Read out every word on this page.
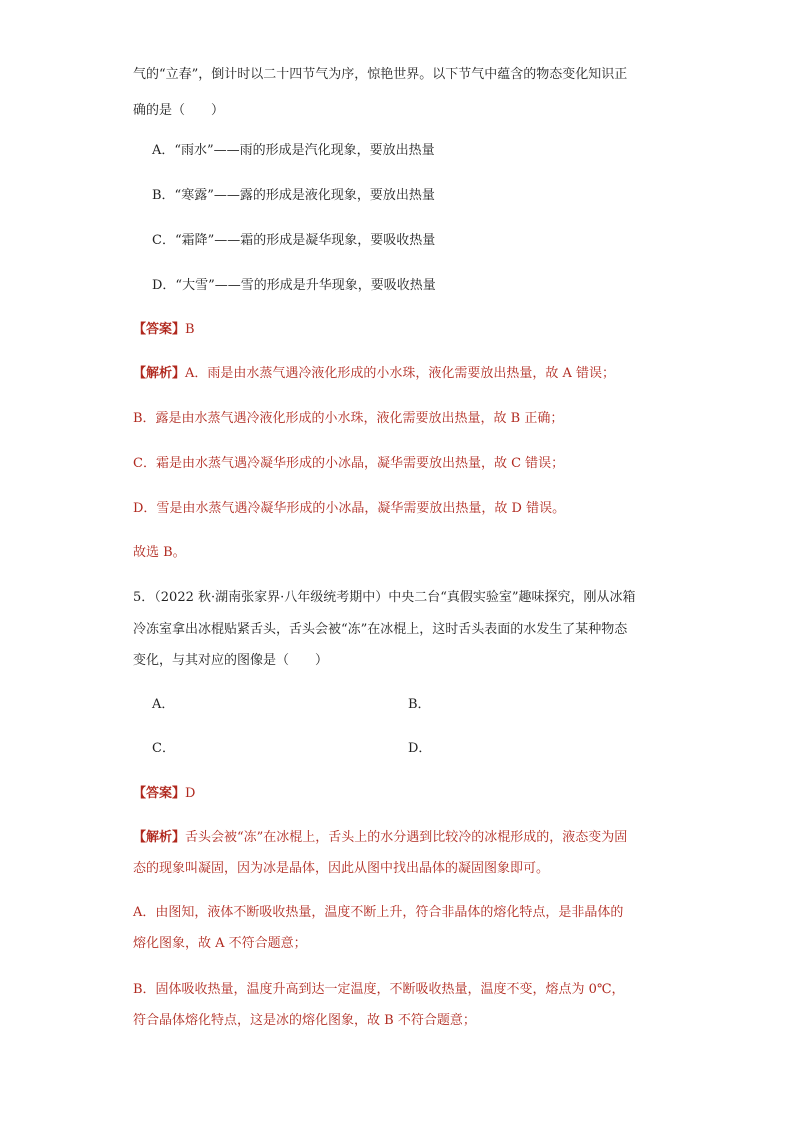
气的“立春”，倒计时以二十四节气为序，惊艳世界。以下节气中蕴含的物态变化知识正
确的是（　　）
A．“雨水”——雨的形成是汽化现象，要放出热量
B．“寒露”——露的形成是液化现象，要放出热量
C．“霜降”——霜的形成是凝华现象，要吸收热量
D．“大雪”——雪的形成是升华现象，要吸收热量
【答案】B
【解析】A．雨是由水蒸气遇冷液化形成的小水珠，液化需要放出热量，故 A 错误；
B．露是由水蒸气遇冷液化形成的小水珠，液化需要放出热量，故 B 正确；
C．霜是由水蒸气遇冷凝华形成的小冰晶，凝华需要放出热量，故 C 错误；
D．雪是由水蒸气遇冷凝华形成的小冰晶，凝华需要放出热量，故 D 错误。
故选 B。
5．（2022 秋·湖南张家界·八年级统考期中）中央二台“真假实验室”趣味探究，刚从冰箱
冷冻室拿出冰棍贴紧舌头，舌头会被“冻”在冰棍上，这时舌头表面的水发生了某种物态
变化，与其对应的图像是（　　）
A．	B．
C．	D．
【答案】D
【解析】舌头会被“冻”在冰棍上，舌头上的水分遇到比较冷的冰棍形成的，液态变为固
态的现象叫凝固，因为冰是晶体，因此从图中找出晶体的凝固图象即可。
A．由图知，液体不断吸收热量，温度不断上升，符合非晶体的熔化特点，是非晶体的
熔化图象，故 A 不符合题意；
B．固体吸收热量，温度升高到达一定温度，不断吸收热量，温度不变，熔点为 0℃，
符合晶体熔化特点，这是冰的熔化图象，故 B 不符合题意；
